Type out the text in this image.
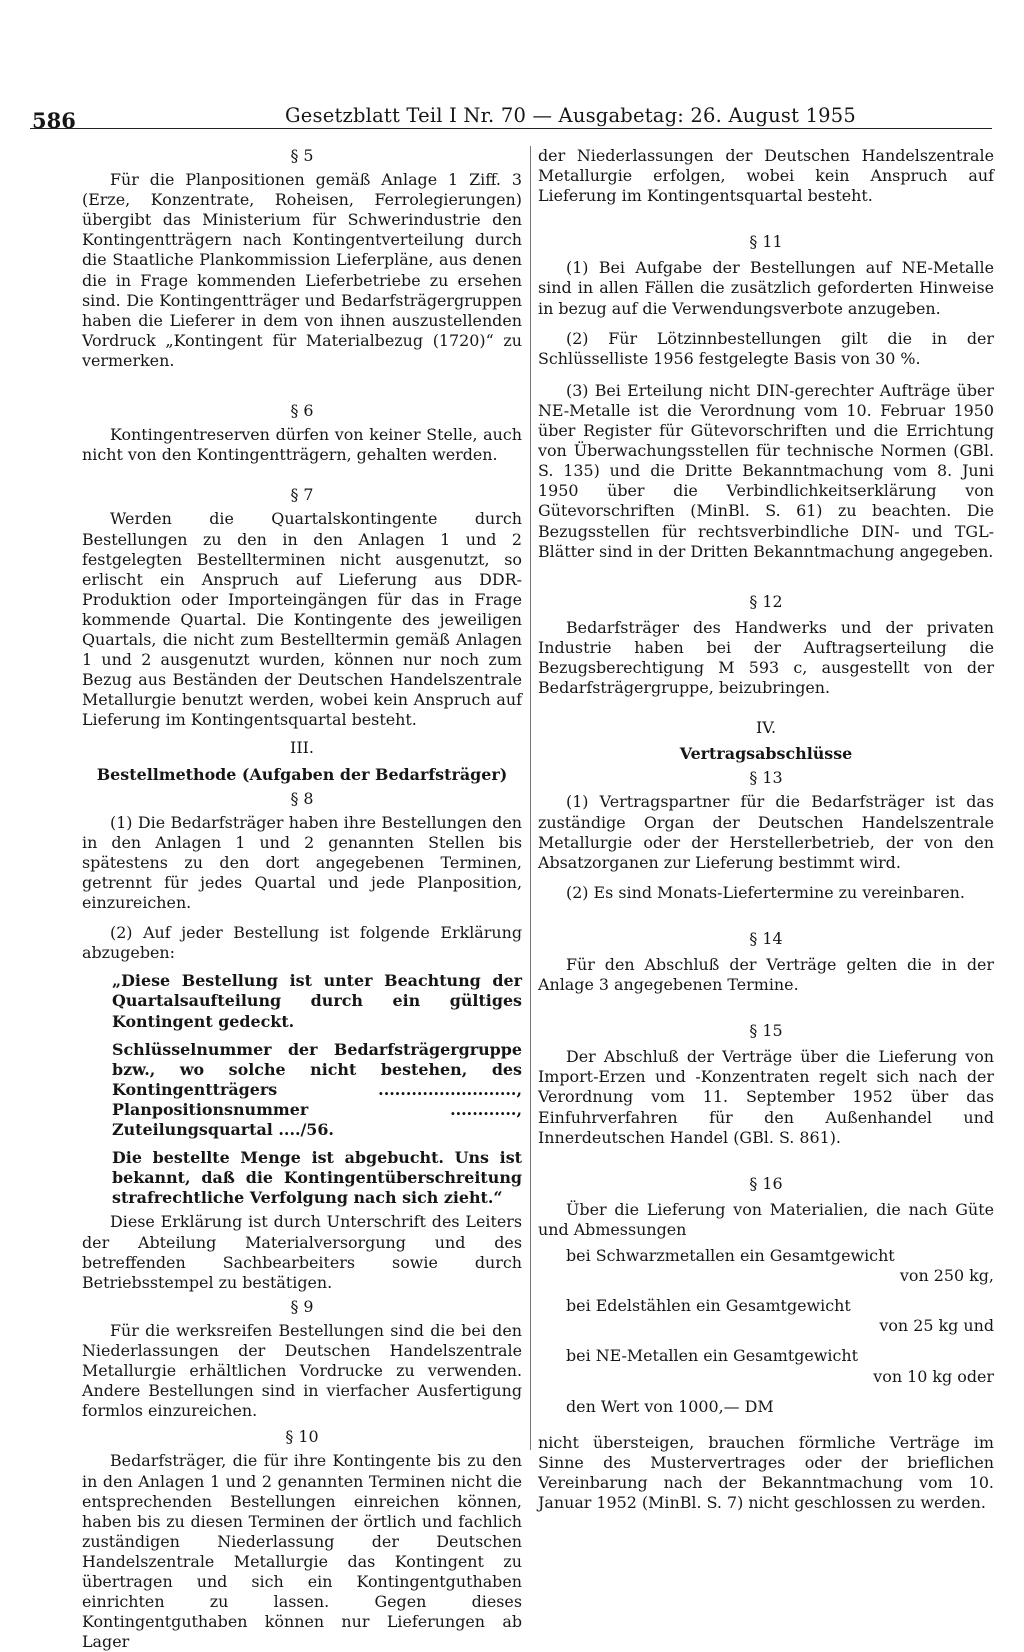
586	Gesetzblatt Teil I Nr. 70 — Ausgabetag: 26. August 1955

§ 5

Für die Planpositionen gemäß Anlage 1 Ziff. 3 (Erze, Konzentrate, Roheisen, Ferrolegierungen) übergibt das Ministerium für Schwerindustrie den Kontingentträgern nach Kontingentverteilung durch die Staatliche Plankommission Lieferpläne, aus denen die in Frage kommenden Lieferbetriebe zu ersehen sind. Die Kontingentträger und Bedarfsträgergruppen haben die Lieferer in dem von ihnen auszustellenden Vordruck „Kontingent für Materialbezug (1720)“ zu vermerken.

§ 6

Kontingentreserven dürfen von keiner Stelle, auch nicht von den Kontingentträgern, gehalten werden.

§ 7

Werden die Quartalskontingente durch Bestellungen zu den in den Anlagen 1 und 2 festgelegten Bestellterminen nicht ausgenutzt, so erlischt ein Anspruch auf Lieferung aus DDR-Produktion oder Importeingängen für das in Frage kommende Quartal. Die Kontingente des jeweiligen Quartals, die nicht zum Bestelltermin gemäß Anlagen 1 und 2 ausgenutzt wurden, können nur noch zum Bezug aus Beständen der Deutschen Handelszentrale Metallurgie benutzt werden, wobei kein Anspruch auf Lieferung im Kontingentsquartal besteht.

III.

Bestellmethode (Aufgaben der Bedarfsträger)

§ 8

(1) Die Bedarfsträger haben ihre Bestellungen den in den Anlagen 1 und 2 genannten Stellen bis spätestens zu den dort angegebenen Terminen, getrennt für jedes Quartal und jede Planposition, einzureichen.

(2) Auf jeder Bestellung ist folgende Erklärung abzugeben:

„Diese Bestellung ist unter Beachtung der Quartalsaufteilung durch ein gültiges Kontingent gedeckt.

Schlüsselnummer der Bedarfsträgergruppe bzw., wo solche nicht bestehen, des Kontingentträgers ........................., Planpositionsnummer ............, Zuteilungsquartal ..../56.

Die bestellte Menge ist abgebucht. Uns ist bekannt, daß die Kontingentüberschreitung strafrechtliche Verfolgung nach sich zieht.“

Diese Erklärung ist durch Unterschrift des Leiters der Abteilung Materialversorgung und des betreffenden Sachbearbeiters sowie durch Betriebsstempel zu bestätigen.

§ 9

Für die werksreifen Bestellungen sind die bei den Niederlassungen der Deutschen Handelszentrale Metallurgie erhältlichen Vordrucke zu verwenden. Andere Bestellungen sind in vierfacher Ausfertigung formlos einzureichen.

§ 10

Bedarfsträger, die für ihre Kontingente bis zu den in den Anlagen 1 und 2 genannten Terminen nicht die entsprechenden Bestellungen einreichen können, haben bis zu diesen Terminen der örtlich und fachlich zuständigen Niederlassung der Deutschen Handelszentrale Metallurgie das Kontingent zu übertragen und sich ein Kontingentguthaben einrichten zu lassen. Gegen dieses Kontingentguthaben können nur Lieferungen ab Lager

der Niederlassungen der Deutschen Handelszentrale Metallurgie erfolgen, wobei kein Anspruch auf Lieferung im Kontingentsquartal besteht.

§ 11

(1) Bei Aufgabe der Bestellungen auf NE-Metalle sind in allen Fällen die zusätzlich geforderten Hinweise in bezug auf die Verwendungsverbote anzugeben.

(2) Für Lötzinnbestellungen gilt die in der Schlüsselliste 1956 festgelegte Basis von 30 %.

(3) Bei Erteilung nicht DIN-gerechter Aufträge über NE-Metalle ist die Verordnung vom 10. Februar 1950 über Register für Gütevorschriften und die Errichtung von Überwachungsstellen für technische Normen (GBl. S. 135) und die Dritte Bekanntmachung vom 8. Juni 1950 über die Verbindlichkeitserklärung von Gütevorschriften (MinBl. S. 61) zu beachten. Die Bezugsstellen für rechtsverbindliche DIN- und TGL-Blätter sind in der Dritten Bekanntmachung angegeben.

§ 12

Bedarfsträger des Handwerks und der privaten Industrie haben bei der Auftragserteilung die Bezugsberechtigung M 593 c, ausgestellt von der Bedarfsträgergruppe, beizubringen.

IV.

Vertragsabschlüsse

§ 13

(1) Vertragspartner für die Bedarfsträger ist das zuständige Organ der Deutschen Handelszentrale Metallurgie oder der Herstellerbetrieb, der von den Absatzorganen zur Lieferung bestimmt wird.

(2) Es sind Monats-Liefertermine zu vereinbaren.

§ 14

Für den Abschluß der Verträge gelten die in der Anlage 3 angegebenen Termine.

§ 15

Der Abschluß der Verträge über die Lieferung von Import-Erzen und -Konzentraten regelt sich nach der Verordnung vom 11. September 1952 über das Einfuhrverfahren für den Außenhandel und Innerdeutschen Handel (GBl. S. 861).

§ 16

Über die Lieferung von Materialien, die nach Güte und Abmessungen

bei Schwarzmetallen ein Gesamtgewicht

von 250 kg,

bei Edelstählen ein Gesamtgewicht

von 25 kg und

bei NE-Metallen ein Gesamtgewicht

von 10 kg oder

den Wert von 1000,— DM

nicht übersteigen, brauchen förmliche Verträge im Sinne des Mustervertrages oder der brieflichen Vereinbarung nach der Bekanntmachung vom 10. Januar 1952 (MinBl. S. 7) nicht geschlossen zu werden.
